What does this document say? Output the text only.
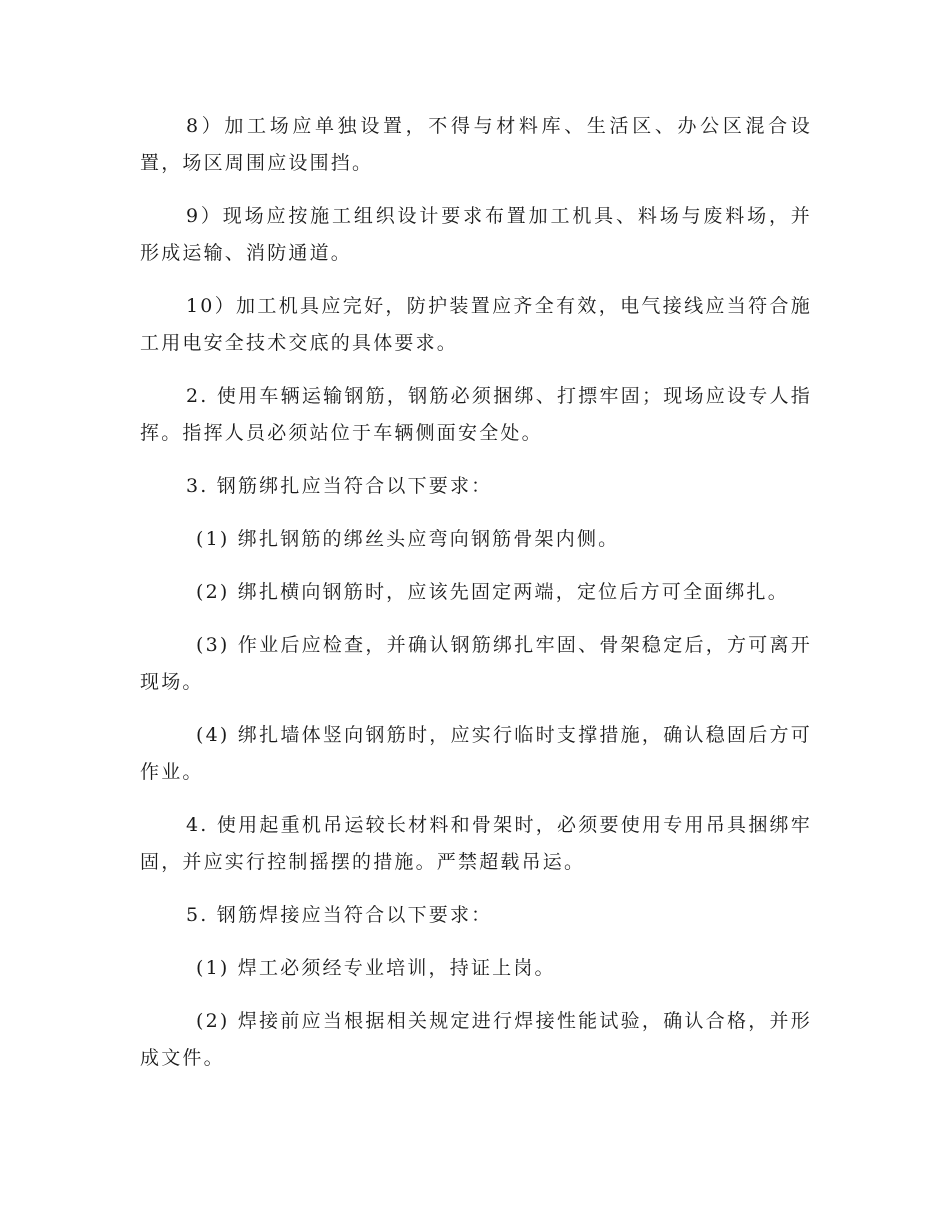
8）加工场应单独设置，不得与材料库、生活区、办公区混合设置，场区周围应设围挡。

9）现场应按施工组织设计要求布置加工机具、料场与废料场，并形成运输、消防通道。

10）加工机具应完好，防护装置应齐全有效，电气接线应当符合施工用电安全技术交底的具体要求。

2. 使用车辆运输钢筋，钢筋必须捆绑、打摽牢固；现场应设专人指挥。指挥人员必须站位于车辆侧面安全处。

3. 钢筋绑扎应当符合以下要求：

(1) 绑扎钢筋的绑丝头应弯向钢筋骨架内侧。

(2) 绑扎横向钢筋时，应该先固定两端，定位后方可全面绑扎。

(3) 作业后应检查，并确认钢筋绑扎牢固、骨架稳定后，方可离开现场。

(4) 绑扎墙体竖向钢筋时，应实行临时支撑措施，确认稳固后方可作业。

4. 使用起重机吊运较长材料和骨架时，必须要使用专用吊具捆绑牢固，并应实行控制摇摆的措施。严禁超载吊运。

5. 钢筋焊接应当符合以下要求：

(1) 焊工必须经专业培训，持证上岗。

(2) 焊接前应当根据相关规定进行焊接性能试验，确认合格，并形成文件。
